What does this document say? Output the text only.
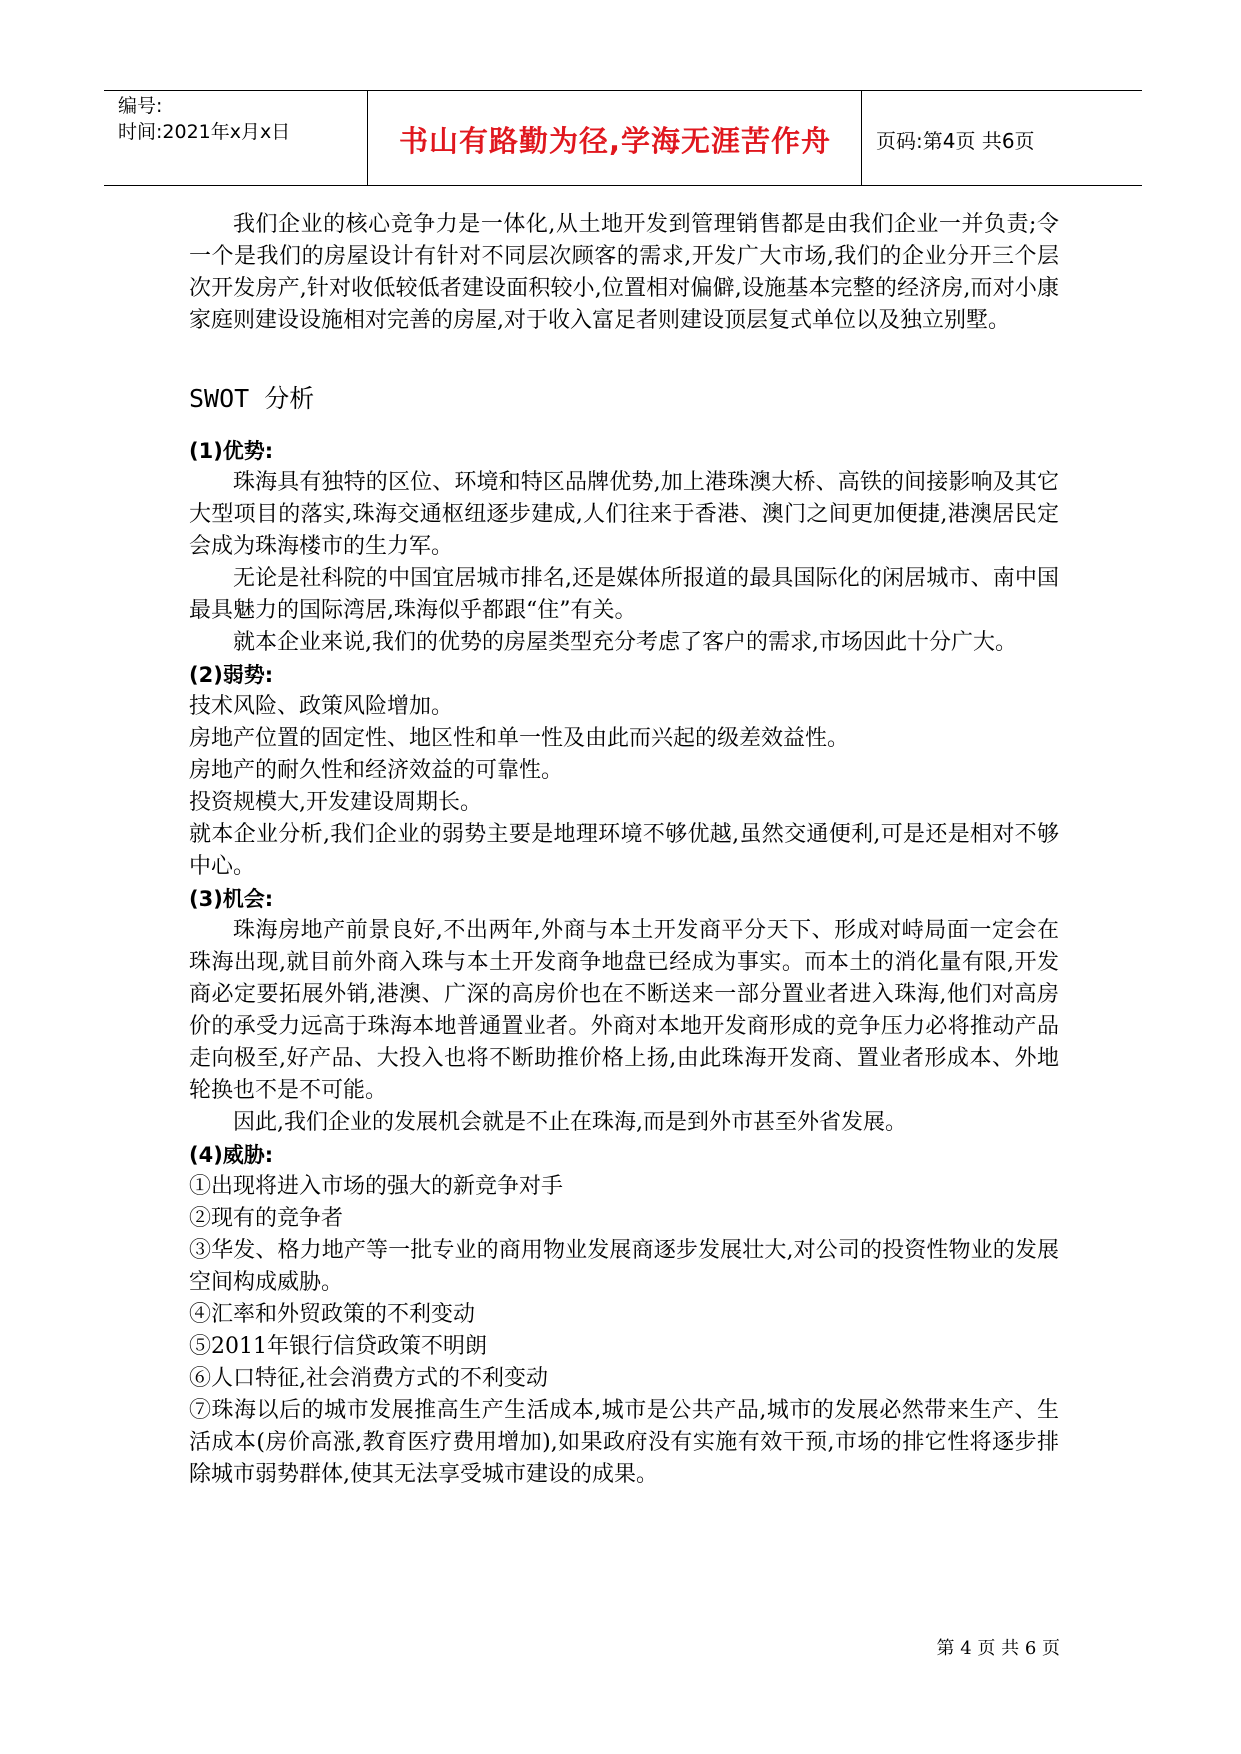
编号:
时间:2021年x月x日	书山有路勤为径,学海无涯苦作舟	页码:第4页 共6页

我们企业的核心竞争力是一体化,从土地开发到管理销售都是由我们企业一并负责;令一个是我们的房屋设计有针对不同层次顾客的需求,开发广大市场,我们的企业分开三个层次开发房产,针对收低较低者建设面积较小,位置相对偏僻,设施基本完整的经济房,而对小康家庭则建设设施相对完善的房屋,对于收入富足者则建设顶层复式单位以及独立别墅。

SWOT 分析

(1)优势:

珠海具有独特的区位、环境和特区品牌优势,加上港珠澳大桥、高铁的间接影响及其它大型项目的落实,珠海交通枢纽逐步建成,人们往来于香港、澳门之间更加便捷,港澳居民定会成为珠海楼市的生力军。

无论是社科院的中国宜居城市排名,还是媒体所报道的最具国际化的闲居城市、南中国最具魅力的国际湾居,珠海似乎都跟“住”有关。

就本企业来说,我们的优势的房屋类型充分考虑了客户的需求,市场因此十分广大。

(2)弱势:

技术风险、政策风险增加。

房地产位置的固定性、地区性和单一性及由此而兴起的级差效益性。

房地产的耐久性和经济效益的可靠性。

投资规模大,开发建设周期长。

就本企业分析,我们企业的弱势主要是地理环境不够优越,虽然交通便利,可是还是相对不够中心。

(3)机会:

珠海房地产前景良好,不出两年,外商与本土开发商平分天下、形成对峙局面一定会在珠海出现,就目前外商入珠与本土开发商争地盘已经成为事实。而本土的消化量有限,开发商必定要拓展外销,港澳、广深的高房价也在不断送来一部分置业者进入珠海,他们对高房价的承受力远高于珠海本地普通置业者。外商对本地开发商形成的竞争压力必将推动产品走向极至,好产品、大投入也将不断助推价格上扬,由此珠海开发商、置业者形成本、外地轮换也不是不可能。

因此,我们企业的发展机会就是不止在珠海,而是到外市甚至外省发展。

(4)威胁:

①出现将进入市场的强大的新竞争对手

②现有的竞争者

③华发、格力地产等一批专业的商用物业发展商逐步发展壮大,对公司的投资性物业的发展空间构成威胁。

④汇率和外贸政策的不利变动

⑤2011年银行信贷政策不明朗

⑥人口特征,社会消费方式的不利变动

⑦珠海以后的城市发展推高生产生活成本,城市是公共产品,城市的发展必然带来生产、生活成本(房价高涨,教育医疗费用增加),如果政府没有实施有效干预,市场的排它性将逐步排除城市弱势群体,使其无法享受城市建设的成果。

第 4 页 共 6 页
